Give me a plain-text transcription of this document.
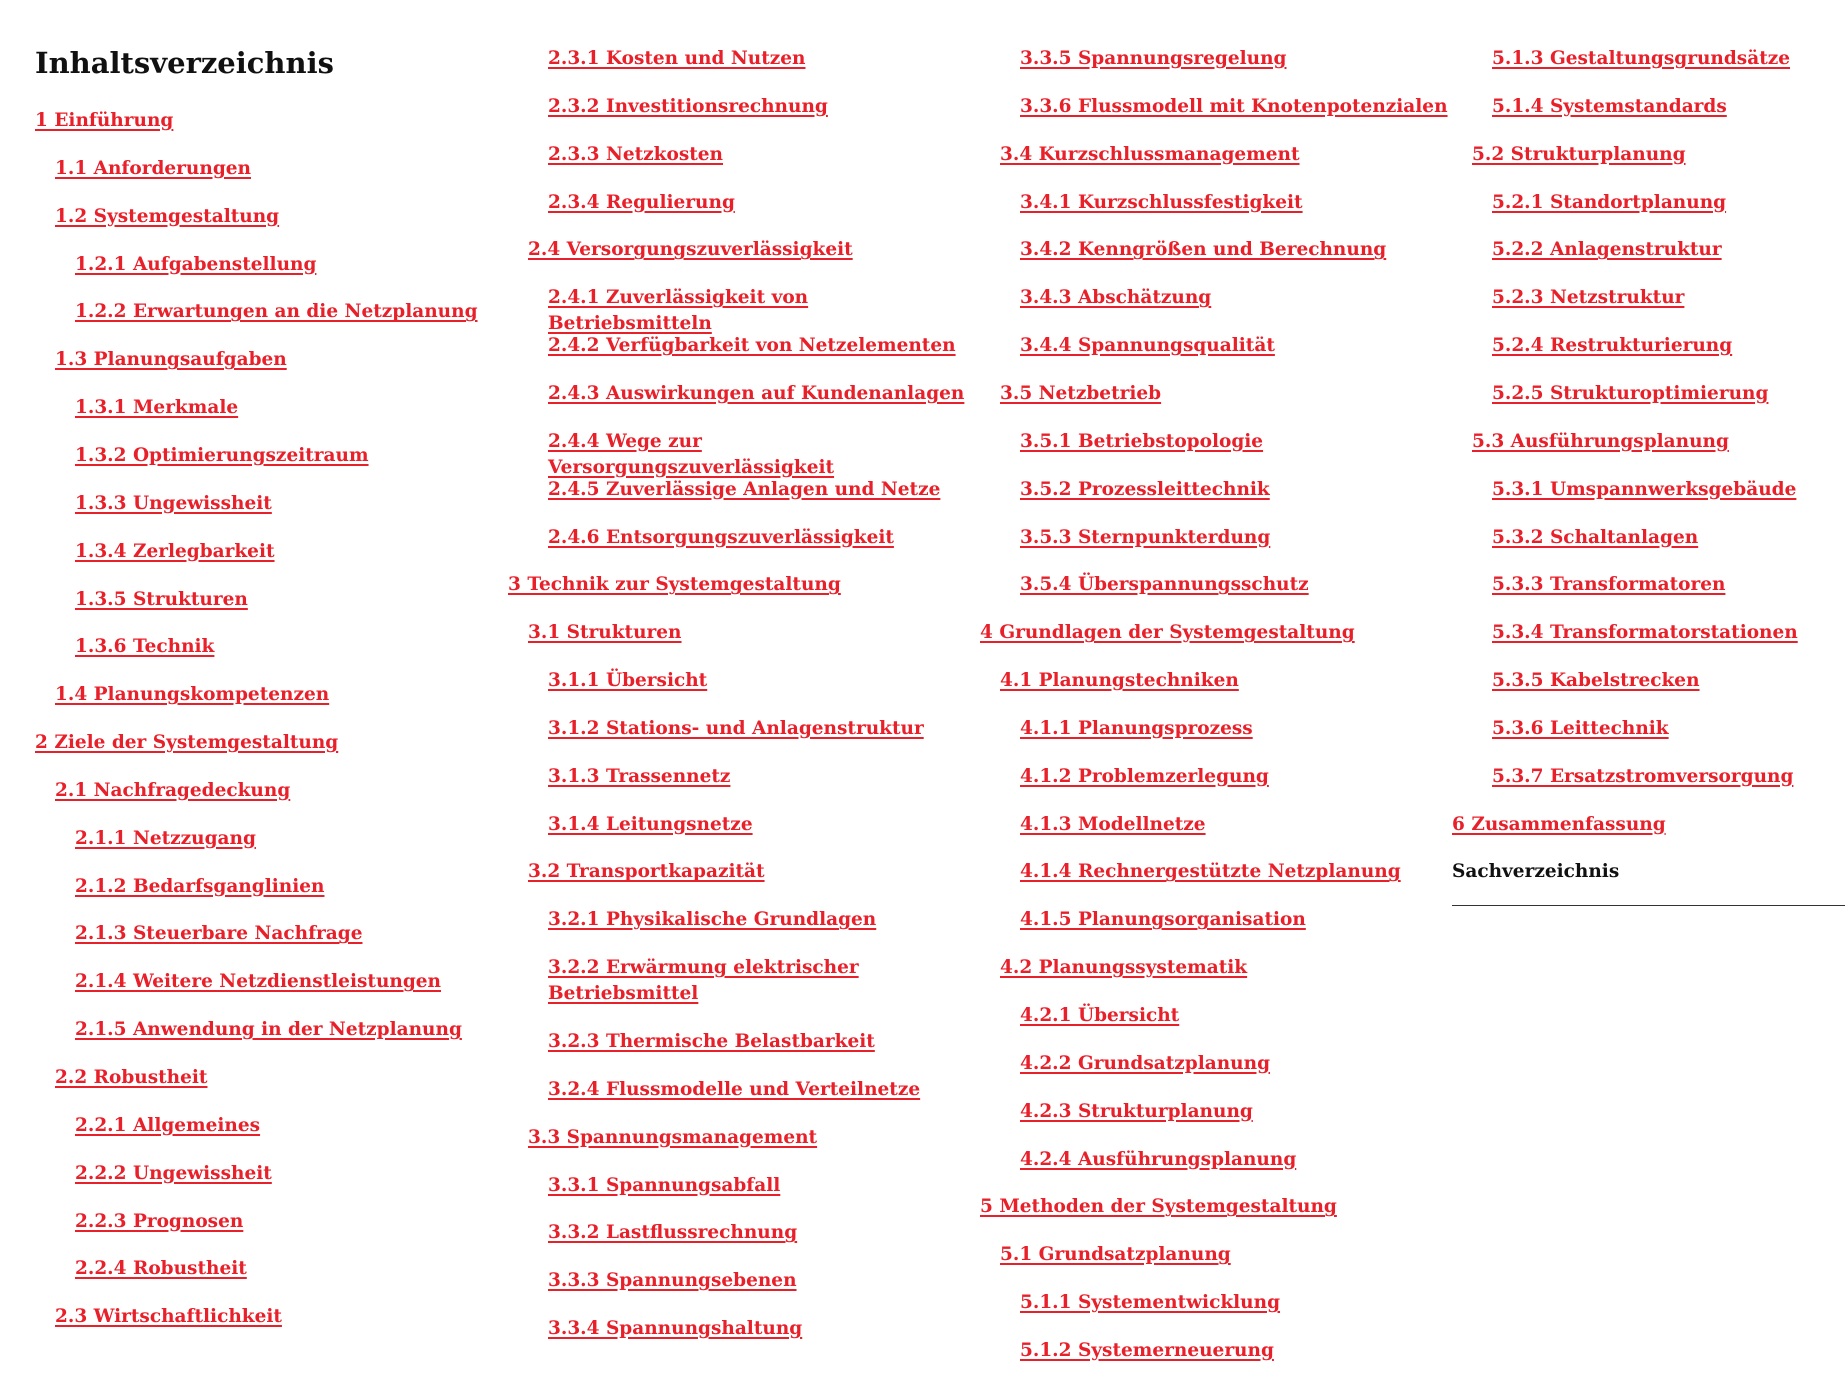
Inhaltsverzeichnis
1 Einführung
1.1 Anforderungen
1.2 Systemgestaltung
1.2.1 Aufgabenstellung
1.2.2 Erwartungen an die Netzplanung
1.3 Planungsaufgaben
1.3.1 Merkmale
1.3.2 Optimierungszeitraum
1.3.3 Ungewissheit
1.3.4 Zerlegbarkeit
1.3.5 Strukturen
1.3.6 Technik
1.4 Planungskompetenzen
2 Ziele der Systemgestaltung
2.1 Nachfragedeckung
2.1.1 Netzzugang
2.1.2 Bedarfsganglinien
2.1.3 Steuerbare Nachfrage
2.1.4 Weitere Netzdienstleistungen
2.1.5 Anwendung in der Netzplanung
2.2 Robustheit
2.2.1 Allgemeines
2.2.2 Ungewissheit
2.2.3 Prognosen
2.2.4 Robustheit
2.3 Wirtschaftlichkeit
2.3.1 Kosten und Nutzen
2.3.2 Investitionsrechnung
2.3.3 Netzkosten
2.3.4 Regulierung
2.4 Versorgungszuverlässigkeit
2.4.1 Zuverlässigkeit von Betriebsmitteln
2.4.2 Verfügbarkeit von Netzelementen
2.4.3 Auswirkungen auf Kundenanlagen
2.4.4 Wege zur Versorgungszuverlässigkeit
2.4.5 Zuverlässige Anlagen und Netze
2.4.6 Entsorgungszuverlässigkeit
3 Technik zur Systemgestaltung
3.1 Strukturen
3.1.1 Übersicht
3.1.2 Stations- und Anlagenstruktur
3.1.3 Trassennetz
3.1.4 Leitungsnetze
3.2 Transportkapazität
3.2.1 Physikalische Grundlagen
3.2.2 Erwärmung elektrischer Betriebsmittel
3.2.3 Thermische Belastbarkeit
3.2.4 Flussmodelle und Verteilnetze
3.3 Spannungsmanagement
3.3.1 Spannungsabfall
3.3.2 Lastflussrechnung
3.3.3 Spannungsebenen
3.3.4 Spannungshaltung
3.3.5 Spannungsregelung
3.3.6 Flussmodell mit Knotenpotenzialen
3.4 Kurzschlussmanagement
3.4.1 Kurzschlussfestigkeit
3.4.2 Kenngrößen und Berechnung
3.4.3 Abschätzung
3.4.4 Spannungsqualität
3.5 Netzbetrieb
3.5.1 Betriebstopologie
3.5.2 Prozessleittechnik
3.5.3 Sternpunkterdung
3.5.4 Überspannungsschutz
4 Grundlagen der Systemgestaltung
4.1 Planungstechniken
4.1.1 Planungsprozess
4.1.2 Problemzerlegung
4.1.3 Modellnetze
4.1.4 Rechnergestützte Netzplanung
4.1.5 Planungsorganisation
4.2 Planungssystematik
4.2.1 Übersicht
4.2.2 Grundsatzplanung
4.2.3 Strukturplanung
4.2.4 Ausführungsplanung
5 Methoden der Systemgestaltung
5.1 Grundsatzplanung
5.1.1 Systementwicklung
5.1.2 Systemerneuerung
5.1.3 Gestaltungsgrundsätze
5.1.4 Systemstandards
5.2 Strukturplanung
5.2.1 Standortplanung
5.2.2 Anlagenstruktur
5.2.3 Netzstruktur
5.2.4 Restrukturierung
5.2.5 Strukturoptimierung
5.3 Ausführungsplanung
5.3.1 Umspannwerksgebäude
5.3.2 Schaltanlagen
5.3.3 Transformatoren
5.3.4 Transformatorstationen
5.3.5 Kabelstrecken
5.3.6 Leittechnik
5.3.7 Ersatzstromversorgung
6 Zusammenfassung
Sachverzeichnis
